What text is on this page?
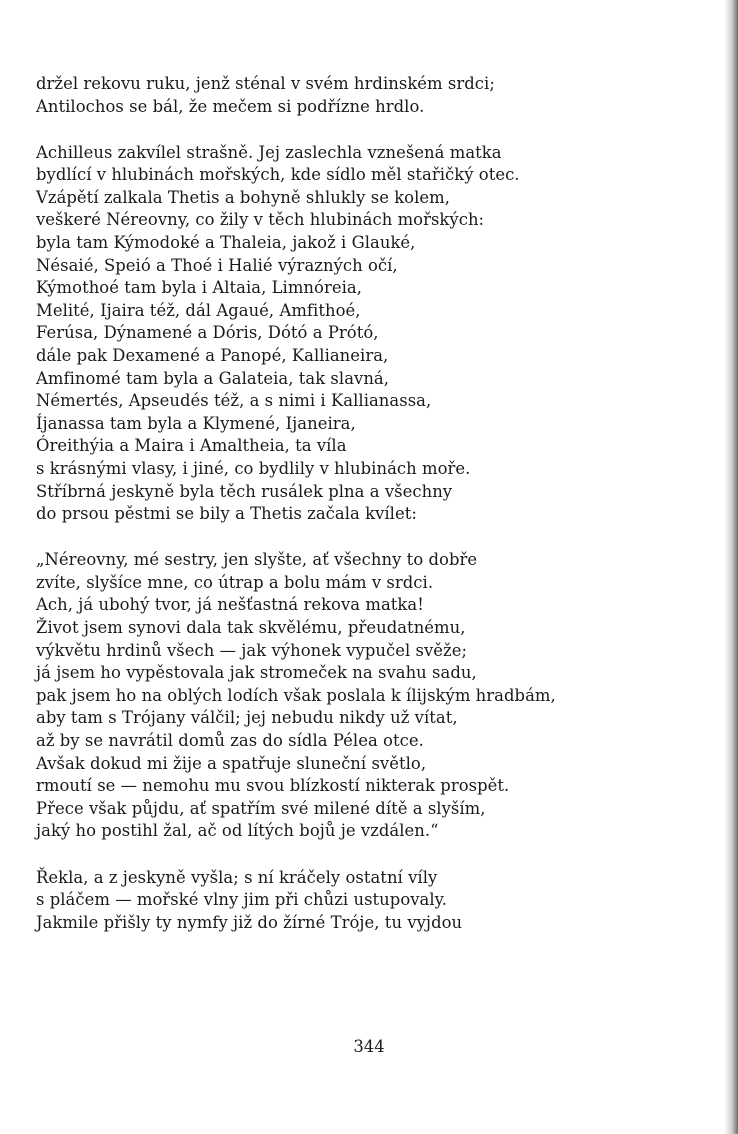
držel rekovu ruku, jenž sténal v svém hrdinském srdci;
Antilochos se bál, že mečem si podřízne hrdlo.
Achilleus zakvílel strašně. Jej zaslechla vznešená matka
bydlící v hlubinách mořských, kde sídlo měl stařičký otec.
Vzápětí zalkala Thetis a bohyně shlukly se kolem,
veškeré Néreovny, co žily v těch hlubinách mořských:
byla tam Kýmodoké a Thaleia, jakož i Glauké,
Nésaié, Speió a Thoé i Halié výrazných očí,
Kýmothoé tam byla i Altaia, Limnóreia,
Melité, Ijaira též, dál Agaué, Amfithoé,
Ferúsa, Dýnamené a Dóris, Dótó a Prótó,
dále pak Dexamené a Panopé, Kallianeira,
Amfinomé tam byla a Galateia, tak slavná,
Némertés, Apseudés též, a s nimi i Kallianassa,
Íjanassa tam byla a Klymené, Ijaneira,
Óreithýia a Maira i Amaltheia, ta víla
s krásnými vlasy, i jiné, co bydlily v hlubinách moře.
Stříbrná jeskyně byla těch rusálek plna a všechny
do prsou pěstmi se bily a Thetis začala kvílet:
„Néreovny, mé sestry, jen slyšte, ať všechny to dobře
zvíte, slyšíce mne, co útrap a bolu mám v srdci.
Ach, já ubohý tvor, já nešťastná rekova matka!
Život jsem synovi dala tak skvělému, přeudatnému,
výkvětu hrdinů všech — jak výhonek vypučel svěže;
já jsem ho vypěstovala jak stromeček na svahu sadu,
pak jsem ho na oblých lodích však poslala k ílijským hradbám,
aby tam s Trójany válčil; jej nebudu nikdy už vítat,
až by se navrátil domů zas do sídla Pélea otce.
Avšak dokud mi žije a spatřuje sluneční světlo,
rmoutí se — nemohu mu svou blízkostí nikterak prospět.
Přece však půjdu, ať spatřím své milené dítě a slyším,
jaký ho postihl žal, ač od lítých bojů je vzdálen.“
Řekla, a z jeskyně vyšla; s ní kráčely ostatní víly
s pláčem — mořské vlny jim při chůzi ustupovaly.
Jakmile přišly ty nymfy již do žírné Tróje, tu vyjdou
344
